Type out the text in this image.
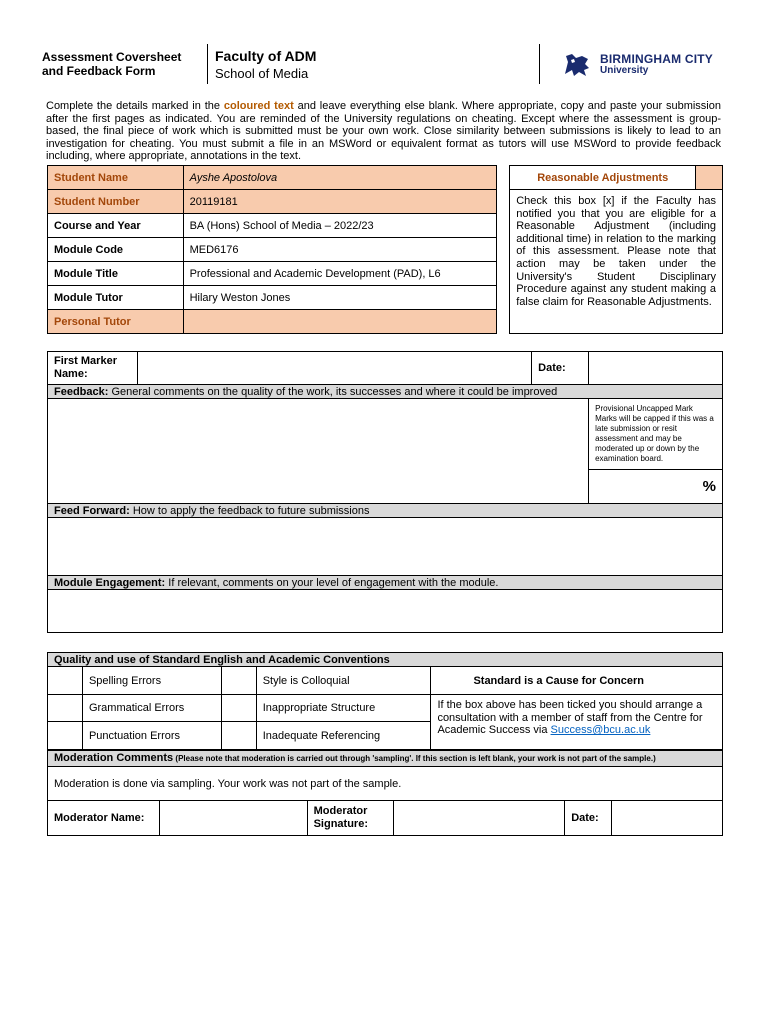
Assessment Coversheet
and Feedback Form
Faculty of ADM
School of Media
BIRMINGHAM CITY
University
Complete the details marked in the coloured text and leave everything else blank. Where appropriate, copy and paste your submission after the first pages as indicated. You are reminded of the University regulations on cheating. Except where the assessment is group-based, the final piece of work which is submitted must be your own work. Close similarity between submissions is likely to lead to an investigation for cheating. You must submit a file in an MSWord or equivalent format as tutors will use MSWord to provide feedback including, where appropriate, annotations in the text.
Student Name	Ayshe Apostolova		Reasonable Adjustments	
Student Number	20119181		Check this box [x] if the Faculty has notified you that you are eligible for a Reasonable Adjustment (including additional time) in relation to the marking of this assessment. Please note that action may be taken under the University's Student Disciplinary Procedure against any student making a false claim for Reasonable Adjustments.	
Course and Year	BA (Hons) School of Media – 2022/23			
Module Code	MED6176			
Module Title	Professional and Academic Development (PAD), L6			
Module Tutor	Hilary Weston Jones			
Personal Tutor				
First Marker Name:		Date:	
Feedback: General comments on the quality of the work, its successes and where it could be improved			
			Provisional Uncapped Mark Marks will be capped if this was a late submission or resit assessment and may be moderated up or down by the examination board.
			%
Feed Forward: How to apply the feedback to future submissions			

Module Engagement: If relevant, comments on your level of engagement with the module.			

Quality and use of Standard English and Academic Conventions				
	Spelling Errors		Style is Colloquial	Standard is a Cause for Concern
	Grammatical Errors		Inappropriate Structure	If the box above has been ticked you should arrange a consultation with a member of staff from the Centre for Academic Success via Success@bcu.ac.uk
	Punctuation Errors		Inadequate Referencing	
Moderation Comments (Please note that moderation is carried out through 'sampling'. If this section is left blank, your work is not part of the sample.)
Moderation is done via sampling. Your work was not part of the sample.
Moderator Name:		Moderator Signature:		Date:	
